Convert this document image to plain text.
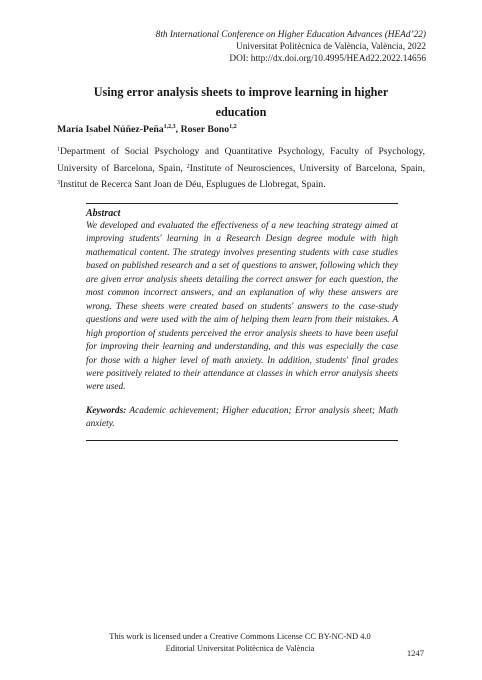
8th International Conference on Higher Education Advances (HEAd’22)
Universitat Politècnica de València, València, 2022
DOI: http://dx.doi.org/10.4995/HEAd22.2022.14656
Using error analysis sheets to improve learning in higher education
María Isabel Núñez-Peña$^{1,2,3}$, Roser Bono$^{1,2}$
$^1$Department of Social Psychology and Quantitative Psychology, Faculty of Psychology, University of Barcelona, Spain, $^2$Institute of Neurosciences, University of Barcelona, Spain, $^3$Institut de Recerca Sant Joan de Déu, Esplugues de Llobregat, Spain.
Abstract

We developed and evaluated the effectiveness of a new teaching strategy aimed at improving students' learning in a Research Design degree module with high mathematical content. The strategy involves presenting students with case studies based on published research and a set of questions to answer, following which they are given error analysis sheets detailing the correct answer for each question, the most common incorrect answers, and an explanation of why these answers are wrong. These sheets were created based on students' answers to the case-study questions and were used with the aim of helping them learn from their mistakes. A high proportion of students perceived the error analysis sheets to have been useful for improving their learning and understanding, and this was especially the case for those with a higher level of math anxiety. In addition, students' final grades were positively related to their attendance at classes in which error analysis sheets were used.

Keywords: Academic achievement; Higher education; Error analysis sheet; Math anxiety.

This work is licensed under a Creative Commons License CC BY-NC-ND 4.0
Editorial Universitat Politècnica de València	1247
